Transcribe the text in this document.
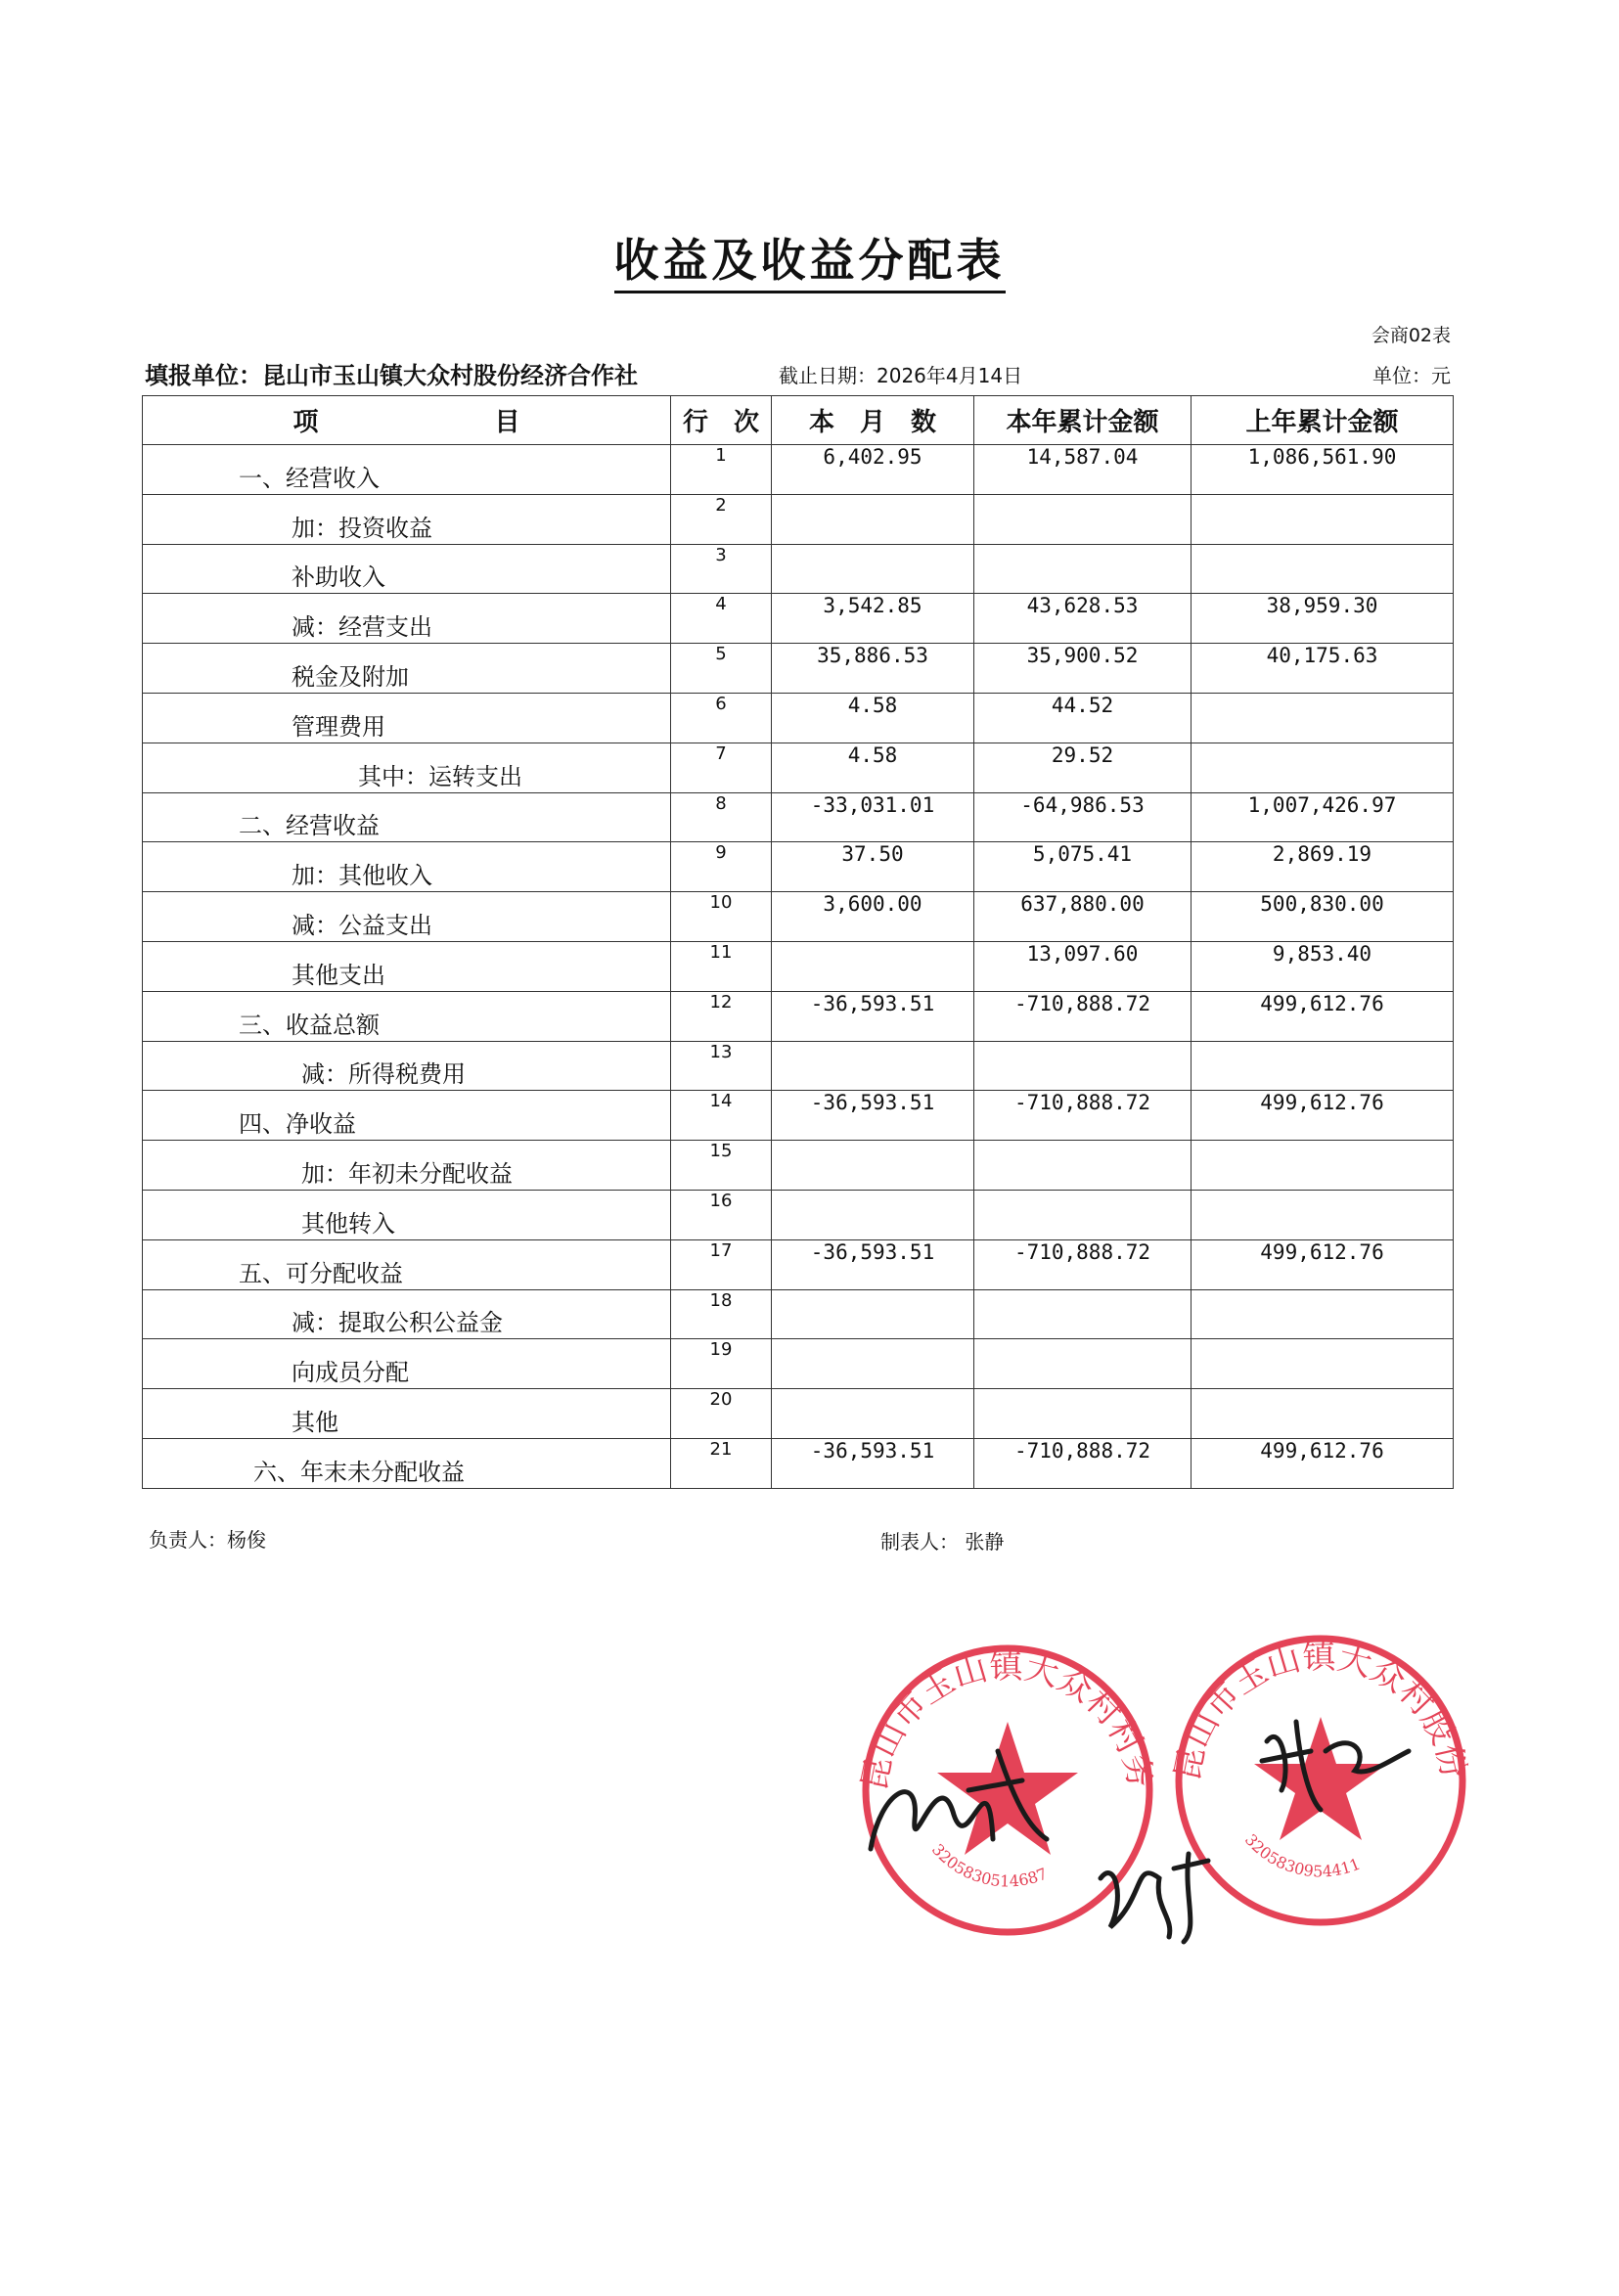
收益及收益分配表
会商02表
填报单位：昆山市玉山镇大众村股份经济合作社	截止日期：2026年4月14日	单位：元
项 目	行　次	本　月　数	本年累计金额	上年累计金额

一、经营收入	1	6,402.95	14,587.04	1,086,561.90

加：投资收益	2			

补助收入	3			

减：经营支出	4	3,542.85	43,628.53	38,959.30

税金及附加	5	35,886.53	35,900.52	40,175.63

管理费用	6	4.58	44.52	

其中：运转支出	7	4.58	29.52	

二、经营收益	8	-33,031.01	-64,986.53	1,007,426.97

加：其他收入	9	37.50	5,075.41	2,869.19

减：公益支出	10	3,600.00	637,880.00	500,830.00

其他支出	11		13,097.60	9,853.40

三、收益总额	12	-36,593.51	-710,888.72	499,612.76

减：所得税费用	13			

四、净收益	14	-36,593.51	-710,888.72	499,612.76

加：年初未分配收益	15			

其他转入	16			

五、可分配收益	17	-36,593.51	-710,888.72	499,612.76

减：提取公积公益金	18			

向成员分配	19			

其他	20			

六、年末未分配收益	21	-36,593.51	-710,888.72	499,612.76
负责人：杨俊	制表人： 张静
昆山市玉山镇大众村村务
3205830514687
昆山市玉山镇大众村股份
3205830954411
